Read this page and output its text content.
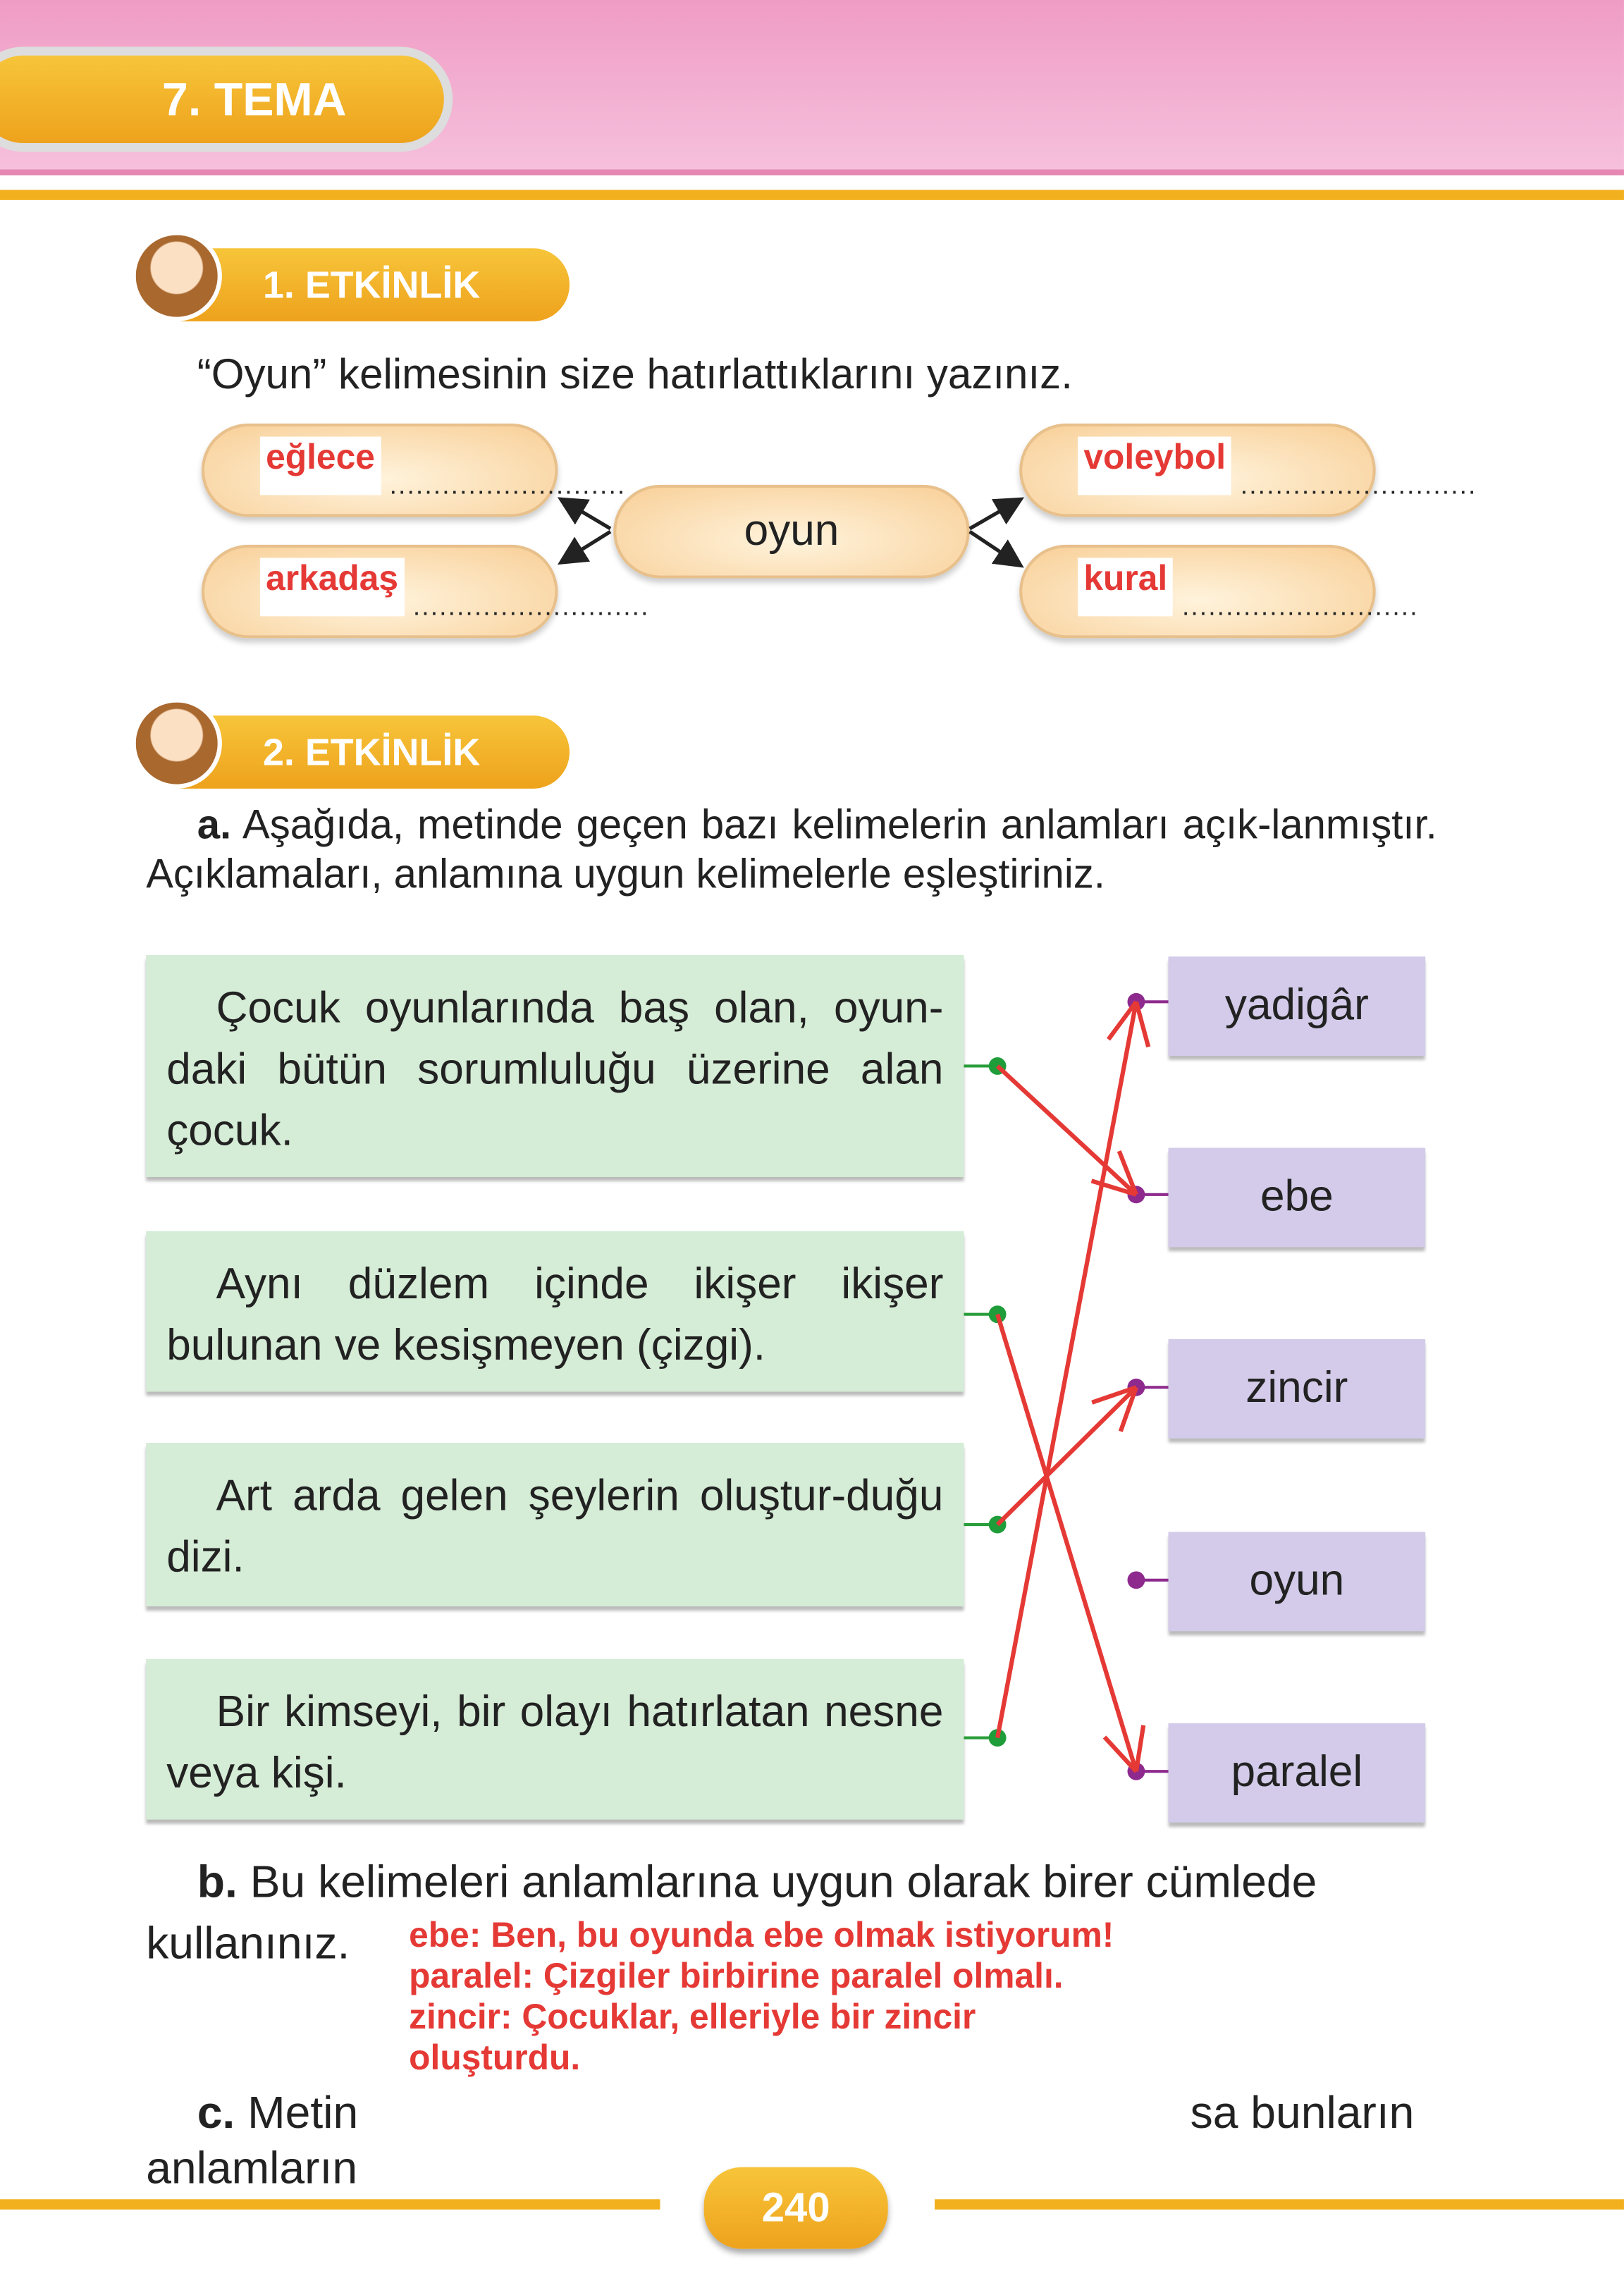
7. TEMA
1. ETKİNLİK
“Oyun” kelimesinin size hatırlattıklarını yazınız.
eğlece
...........................
arkadaş
...........................
voleybol
...........................
kural
...........................
oyun
2. ETKİNLİK
a. Aşağıda, metinde geçen bazı kelimelerin anlamları açık-lanmıştır. Açıklamaları, anlamına uygun kelimelerle eşleştiriniz.
Çocuk oyunlarında baş olan, oyun-daki bütün sorumluluğu üzerine alan çocuk.
Aynı düzlem içinde ikişer ikişer bulunan ve kesişmeyen (çizgi).
Art arda gelen şeylerin oluştur-duğu dizi.
Bir kimseyi, bir olayı hatırlatan nesne veya kişi.
yadigâr
ebe
zincir
oyun
paralel
b. Bu kelimeleri anlamlarına uygun olarak birer cümlede
kullanınız.	ebe: Ben, bu oyunda ebe olmak istiyorum!
paralel: Çizgiler birbirine paralel olmalı.
zincir: Çocuklar, elleriyle bir zincir
oluşturdu.
c. Metin	sa bunların
anlamların
240
